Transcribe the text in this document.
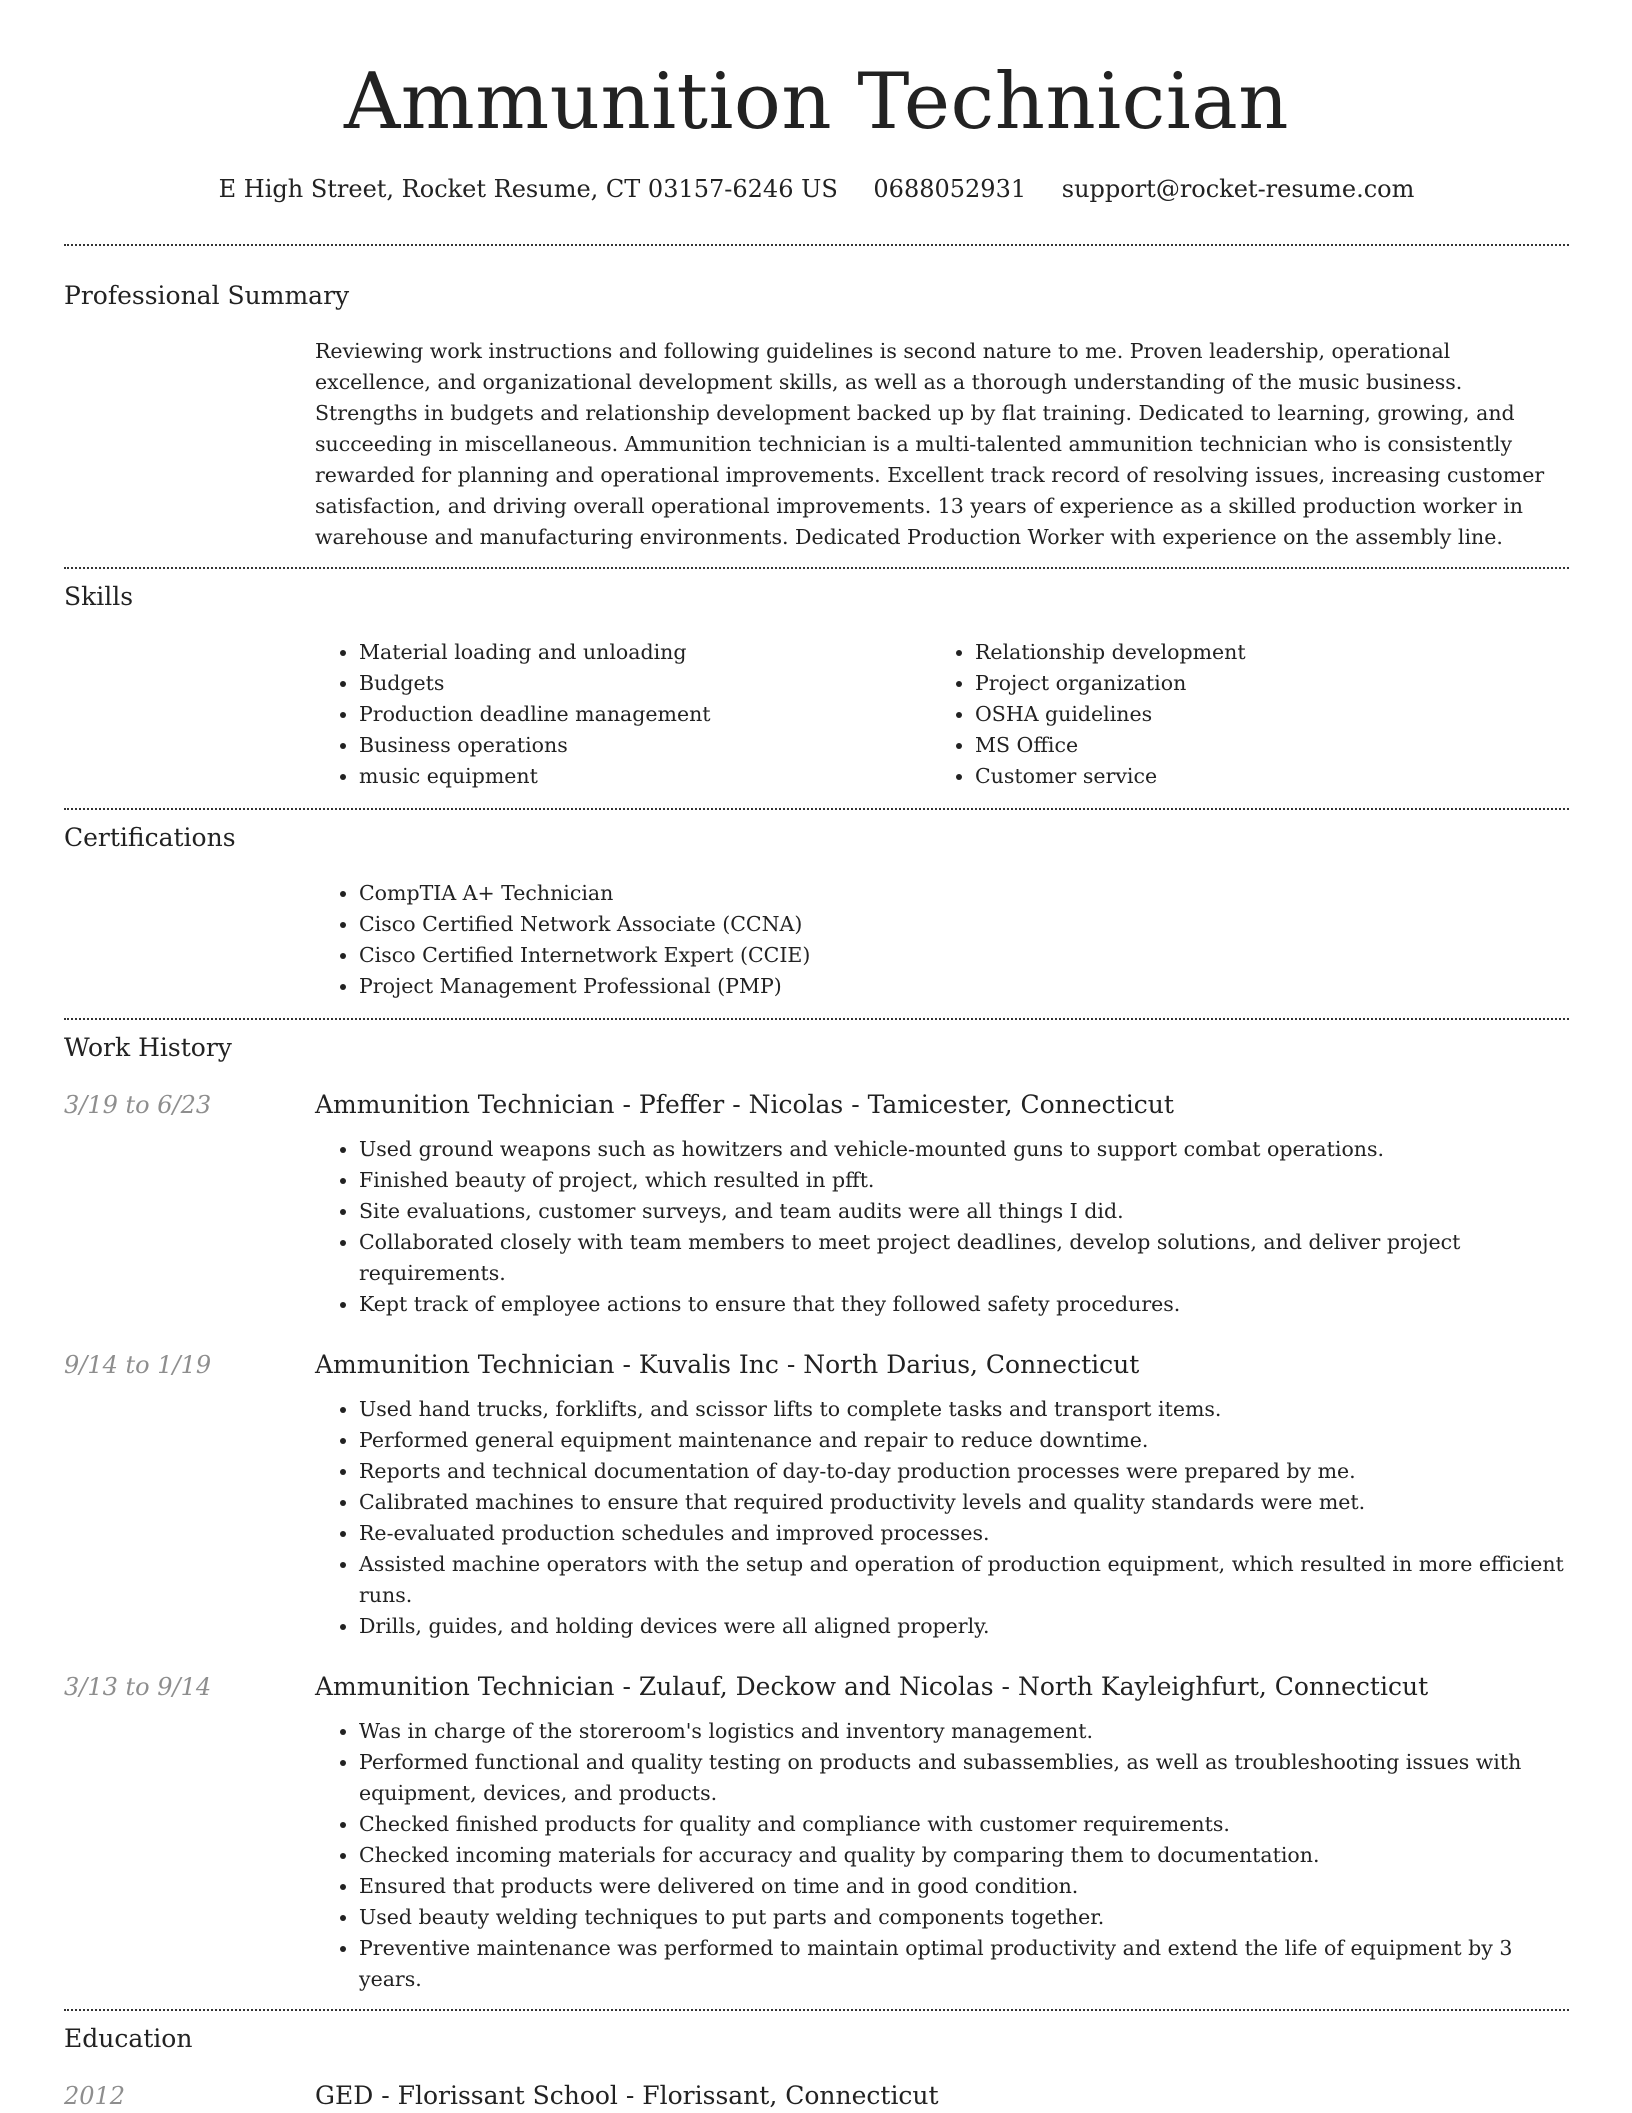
Ammunition Technician
E High Street, Rocket Resume, CT 03157-6246 US 0688052931 support@rocket-resume.com
Professional Summary

Reviewing work instructions and following guidelines is second nature to me. Proven leadership, operational excellence, and organizational development skills, as well as a thorough understanding of the music business. Strengths in budgets and relationship development backed up by flat training. Dedicated to learning, growing, and succeeding in miscellaneous. Ammunition technician is a multi-talented ammunition technician who is consistently rewarded for planning and operational improvements. Excellent track record of resolving issues, increasing customer satisfaction, and driving overall operational improvements. 13 years of experience as a skilled production worker in warehouse and manufacturing environments. Dedicated Production Worker with experience on the assembly line.

Skills
• Material loading and unloading
• Budgets
• Production deadline management
• Business operations
• music equipment
• Relationship development
• Project organization
• OSHA guidelines
• MS Office
• Customer service
Certifications
• CompTIA A+ Technician
• Cisco Certified Network Associate (CCNA)
• Cisco Certified Internetwork Expert (CCIE)
• Project Management Professional (PMP)
Work History
3/19 to 6/23	Ammunition Technician - Pfeffer - Nicolas - Tamicester, Connecticut
• Used ground weapons such as howitzers and vehicle-mounted guns to support combat operations.
• Finished beauty of project, which resulted in pfft.
• Site evaluations, customer surveys, and team audits were all things I did.
• Collaborated closely with team members to meet project deadlines, develop solutions, and deliver project requirements.
• Kept track of employee actions to ensure that they followed safety procedures.
9/14 to 1/19	Ammunition Technician - Kuvalis Inc - North Darius, Connecticut
• Used hand trucks, forklifts, and scissor lifts to complete tasks and transport items.
• Performed general equipment maintenance and repair to reduce downtime.
• Reports and technical documentation of day-to-day production processes were prepared by me.
• Calibrated machines to ensure that required productivity levels and quality standards were met.
• Re-evaluated production schedules and improved processes.
• Assisted machine operators with the setup and operation of production equipment, which resulted in more efficient runs.
• Drills, guides, and holding devices were all aligned properly.
3/13 to 9/14	Ammunition Technician - Zulauf, Deckow and Nicolas - North Kayleighfurt, Connecticut
• Was in charge of the storeroom's logistics and inventory management.
• Performed functional and quality testing on products and subassemblies, as well as troubleshooting issues with equipment, devices, and products.
• Checked finished products for quality and compliance with customer requirements.
• Checked incoming materials for accuracy and quality by comparing them to documentation.
• Ensured that products were delivered on time and in good condition.
• Used beauty welding techniques to put parts and components together.
• Preventive maintenance was performed to maintain optimal productivity and extend the life of equipment by 3 years.
Education
2012	GED - Florissant School - Florissant, Connecticut
